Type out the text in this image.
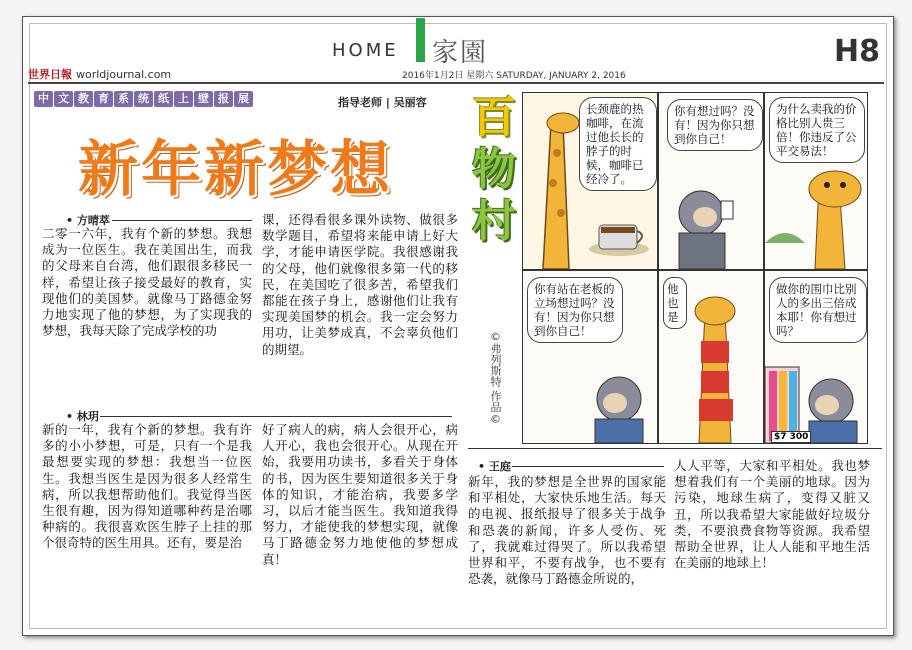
HOME 家園	H8
世界日報 worldjournal.com	2016年1月2日 星期六 SATURDAY, JANUARY 2, 2016
中 文 教 育 系 统 纸 上 壁 报 展	指导老师 | 吴丽容
新年新梦想
• 方晴萃

二零一六年，我有个新的梦想。我想成为一位医生。我在美国出生，而我的父母来自台湾，他们跟很多移民一样，希望让孩子接受最好的教育，实现他们的美国梦。就像马丁路德金努力地实现了他的梦想，为了实现我的梦想，我每天除了完成学校的功

课，还得看很多课外读物、做很多数学题目，希望将来能申请上好大学，才能申请医学院。我很感谢我的父母，他们就像很多第一代的移民，在美国吃了很多苦，希望我们都能在孩子身上，感谢他们让我有实现美国梦的机会。我一定会努力用功，让美梦成真，不会辜负他们的期望。

• 林玥

新的一年，我有个新的梦想。我有许多的小小梦想，可是，只有一个是我最想要实现的梦想：我想当一位医生。我想当医生是因为很多人经常生病，所以我想帮助他们。我觉得当医生很有趣，因为得知道哪种药是治哪种病的。我很喜欢医生脖子上挂的那个很奇特的医生用具。还有，要是治

好了病人的病，病人会很开心，病人开心，我也会很开心。从现在开始，我要用功读书，多看关于身体的书，因为医生要知道很多关于身体的知识，才能治病，我要多学习，以后才能当医生。我知道我得努力，才能使我的梦想实现，就像马丁路德金努力地使他的梦想成真！

百
物
村
©弗列斯特 作品©
长颈鹿的热咖啡，在流过他长长的脖子的时候，咖啡已经冷了。
你有想过吗？没有！因为你只想到你自己！
为什么卖我的价格比别人贵三倍！你违反了公平交易法！
你有站在老板的立场想过吗？没有！因为你只想到你自己！
他也是
做你的围巾比别人的多出三倍成本耶！你有想过吗？
$7 300
• 王庭

新年，我的梦想是全世界的国家能和平相处，大家快乐地生活。每天的电视、报纸报导了很多关于战争和恐袭的新闻，许多人受伤、死了，我就难过得哭了。所以我希望世界和平，不要有战争，也不要有恐袭，就像马丁路德金所说的，

人人平等，大家和平相处。我也梦想着我们有一个美丽的地球。因为污染，地球生病了，变得又脏又丑，所以我希望大家能做好垃圾分类，不要浪费食物等资源。我希望帮助全世界，让人人能和平地生活在美丽的地球上！
